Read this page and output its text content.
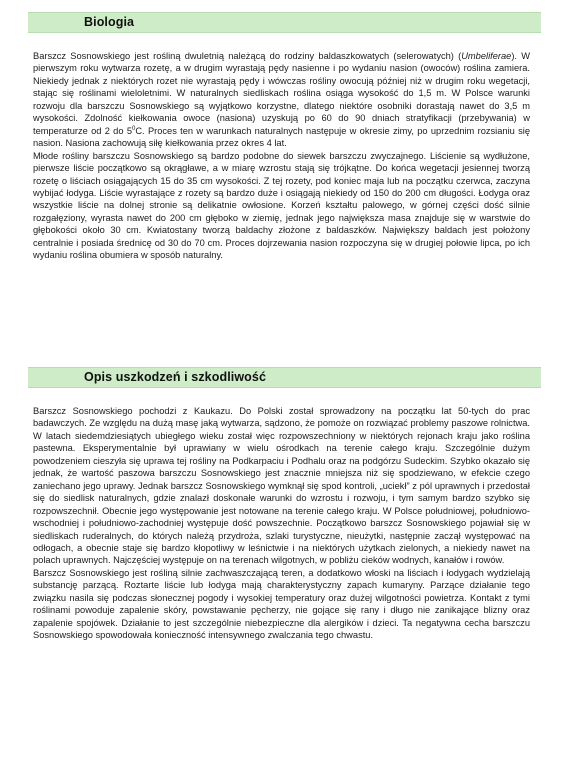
Biologia

Barszcz Sosnowskiego jest rośliną dwuletnią należącą do rodziny baldaszkowatych (selerowatych) (Umbeliferae). W pierwszym roku wytwarza rozetę, a w drugim wyrastają pędy nasienne i po wydaniu nasion (owoców) roślina zamiera. Niekiedy jednak z niektórych rozet nie wyrastają pędy i wówczas rośliny owocują później niż w drugim roku wegetacji, stając się roślinami wieloletnimi. W naturalnych siedliskach roślina osiąga wysokość do 1,5 m. W Polsce warunki rozwoju dla barszczu Sosnowskiego są wyjątkowo korzystne, dlatego niektóre osobniki dorastają nawet do 3,5 m wysokości. Zdolność kiełkowania owoce (nasiona) uzyskują po 60 do 90 dniach stratyfikacji (przebywania) w temperaturze od 2 do $5^0C$. Proces ten w warunkach naturalnych następuje w okresie zimy, po uprzednim rozsianiu się nasion. Nasiona zachowują siłę kiełkowania przez okres 4 lat.

Młode rośliny barszczu Sosnowskiego są bardzo podobne do siewek barszczu zwyczajnego. Liścienie są wydłużone, pierwsze liście początkowo są okrągławe, a w miarę wzrostu stają się trójkątne. Do końca wegetacji jesiennej tworzą rozetę o liściach osiągających 15 do 35 cm wysokości. Z tej rozety, pod koniec maja lub na początku czerwca, zaczyna wybijać łodyga. Liście wyrastające z rozety są bardzo duże i osiągają niekiedy od 150 do 200 cm długości. Łodyga oraz wszystkie liście na dolnej stronie są delikatnie owłosione. Korzeń kształtu palowego, w górnej części dość silnie rozgałęziony, wyrasta nawet do 200 cm głęboko w ziemię, jednak jego największa masa znajduje się w warstwie do głębokości około 30 cm. Kwiatostany tworzą baldachy złożone z baldaszków. Największy baldach jest położony centralnie i posiada średnicę od 30 do 70 cm. Proces dojrzewania nasion rozpoczyna się w drugiej połowie lipca, po ich wydaniu roślina obumiera w sposób naturalny.

Opis uszkodzeń i szkodliwość

Barszcz Sosnowskiego pochodzi z Kaukazu. Do Polski został sprowadzony na początku lat 50-tych do prac badawczych. Ze względu na dużą masę jaką wytwarza, sądzono, że pomoże on rozwiązać problemy paszowe rolnictwa. W latach siedemdziesiątych ubiegłego wieku został więc rozpowszechniony w niektórych rejonach kraju jako roślina pastewna. Eksperymentalnie był uprawiany w wielu ośrodkach na terenie całego kraju. Szczególnie dużym powodzeniem cieszyła się uprawa tej rośliny na Podkarpaciu i Podhalu oraz na podgórzu Sudeckim. Szybko okazało się jednak, że wartość paszowa barszczu Sosnowskiego jest znacznie mniejsza niż się spodziewano, w efekcie czego zaniechano jego uprawy. Jednak barszcz Sosnowskiego wymknął się spod kontroli, „uciekł” z pól uprawnych i przedostał się do siedlisk naturalnych, gdzie znalazł doskonałe warunki do wzrostu i rozwoju, i tym samym bardzo szybko się rozpowszechnił. Obecnie jego występowanie jest notowane na terenie całego kraju. W Polsce południowej, południowo-wschodniej i południowo-zachodniej występuje dość powszechnie. Początkowo barszcz Sosnowskiego pojawiał się w siedliskach ruderalnych, do których należą przydroża, szlaki turystyczne, nieużytki, następnie zaczął występować na odłogach, a obecnie staje się bardzo kłopotliwy w leśnictwie i na niektórych użytkach zielonych, a niekiedy nawet na polach uprawnych. Najczęściej występuje on na terenach wilgotnych, w pobliżu cieków wodnych, kanałów i rowów.

Barszcz Sosnowskiego jest rośliną silnie zachwaszczającą teren, a dodatkowo włoski na liściach i łodygach wydzielają substancję parzącą. Roztarte liście lub łodyga mają charakterystyczny zapach kumaryny. Parzące działanie tego związku nasila się podczas słonecznej pogody i wysokiej temperatury oraz dużej wilgotności powietrza. Kontakt z tymi roślinami powoduje zapalenie skóry, powstawanie pęcherzy, nie gojące się rany i długo nie zanikające blizny oraz zapalenie spojówek. Działanie to jest szczególnie niebezpieczne dla alergików i dzieci. Ta negatywna cecha barszczu Sosnowskiego spowodowała konieczność intensywnego zwalczania tego chwastu.
